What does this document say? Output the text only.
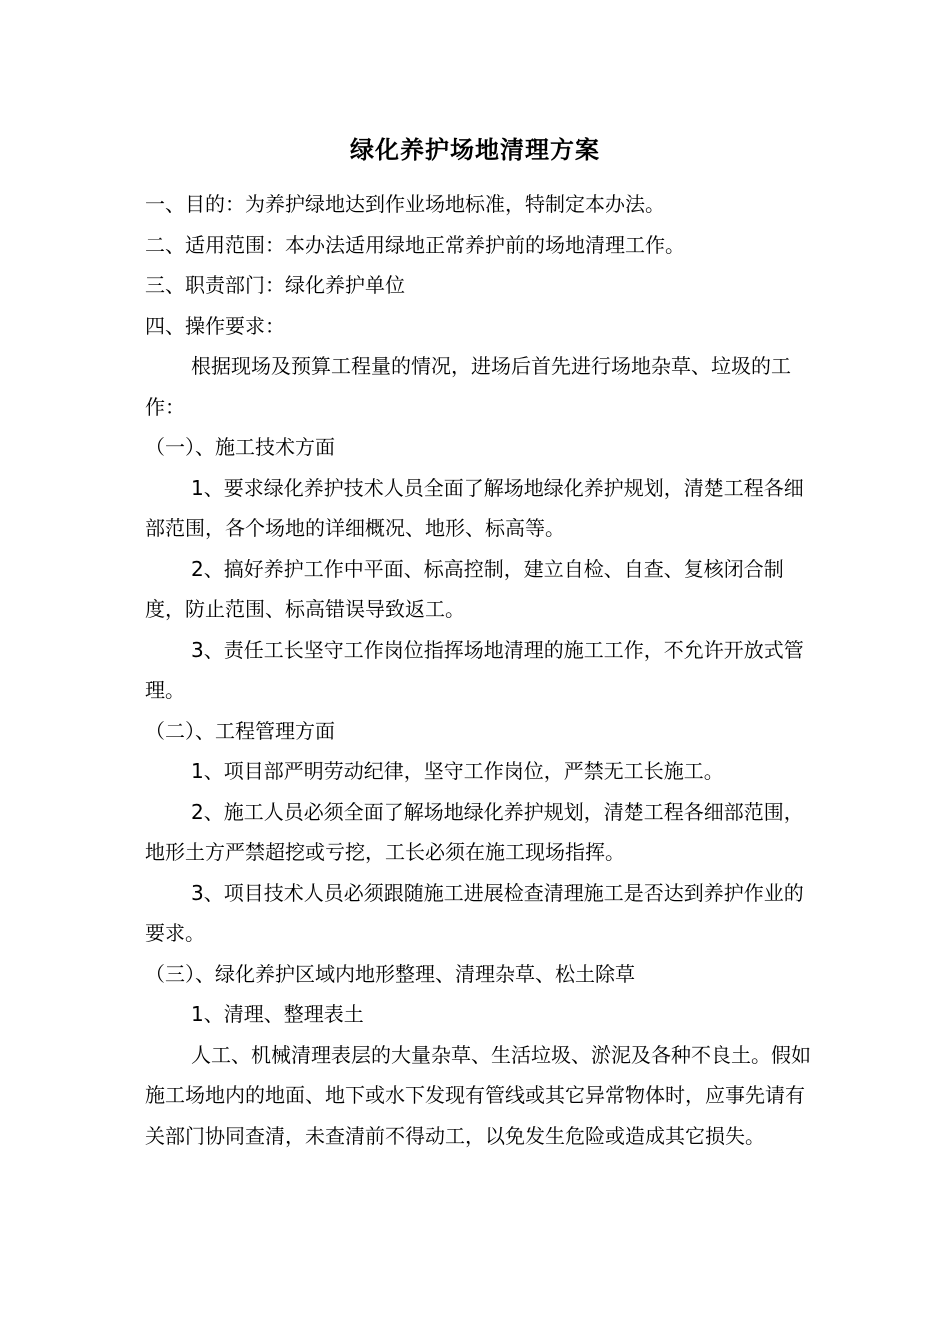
绿化养护场地清理方案

一、目的：为养护绿地达到作业场地标准，特制定本办法。

二、适用范围：本办法适用绿地正常养护前的场地清理工作。

三、职责部门：绿化养护单位

四、操作要求：

根据现场及预算工程量的情况，进场后首先进行场地杂草、垃圾的工作：

（一）、施工技术方面

1、要求绿化养护技术人员全面了解场地绿化养护规划，清楚工程各细部范围，各个场地的详细概况、地形、标高等。

2、搞好养护工作中平面、标高控制，建立自检、自查、复核闭合制度，防止范围、标高错误导致返工。

3、责任工长坚守工作岗位指挥场地清理的施工工作，不允许开放式管理。

（二）、工程管理方面

1、项目部严明劳动纪律，坚守工作岗位，严禁无工长施工。

2、施工人员必须全面了解场地绿化养护规划，清楚工程各细部范围，地形土方严禁超挖或亏挖，工长必须在施工现场指挥。

3、项目技术人员必须跟随施工进展检查清理施工是否达到养护作业的要求。

（三）、绿化养护区域内地形整理、清理杂草、松土除草

1、清理、整理表土

人工、机械清理表层的大量杂草、生活垃圾、淤泥及各种不良土。假如施工场地内的地面、地下或水下发现有管线或其它异常物体时，应事先请有关部门协同查清，未查清前不得动工，以免发生危险或造成其它损失。
